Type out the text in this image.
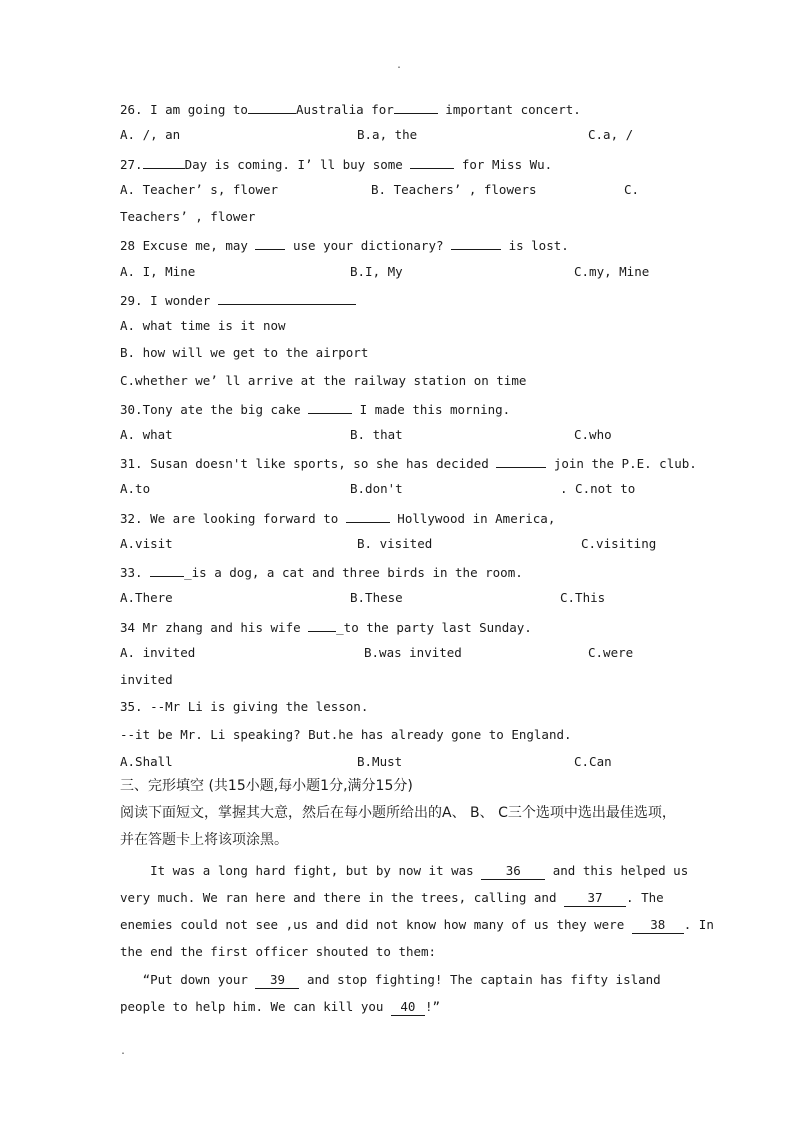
.
26. I am going to	Australia for	important concert.
A. /, an	B.a, the	C.a, /
27.	Day is coming. I’ ll buy some	for Miss Wu.
A. Teacher’ s, flower	B. Teachers’ , flowers	C.
Teachers’ , flower
28 Excuse me, may  use your dictionary?	is lost.
A. I, Mine	B.I, My	C.my, Mine
29. I wonder
A. what time is it now
B. how will we get to the airport
C.whether we’ ll arrive at the railway station on time
30.Tony ate the big cake	I made this morning.
A. what	B. that	C.who
31. Susan doesn't like sports, so she has decided	join the P.E. club.
A.to	B.don't	. C.not to
32. We are looking forward to	Hollywood in America,
A.visit	B. visited	C.visiting
33.	_is a dog, a cat and three birds in the room.
A.There	B.These	C.This
34 Mr zhang and his wife _to the party last Sunday.
A. invited	B.was invited	C.were
invited
35. --Mr Li is giving the lesson.
--it be Mr. Li speaking? But.he has already gone to England.
A.Shall	B.Must	C.Can
三、完形填空 (共15小题,每小题1分,满分15分)
阅读下面短文，掌握其大意，然后在每小题所给出的A、 B、 C三个选项中选出最佳选项，
并在答题卡上将该项涂黑。
It was a long hard fight, but by now it was 36 and this helped us
very much. We ran here and there in the trees, calling and 37 . The
enemies could not see ,us and did not know how many of us they were 38 . In
the end the first officer shouted to them:
“Put down your 39 and stop fighting! The captain has fifty island
people to help him. We can kill you 40 !”
.
